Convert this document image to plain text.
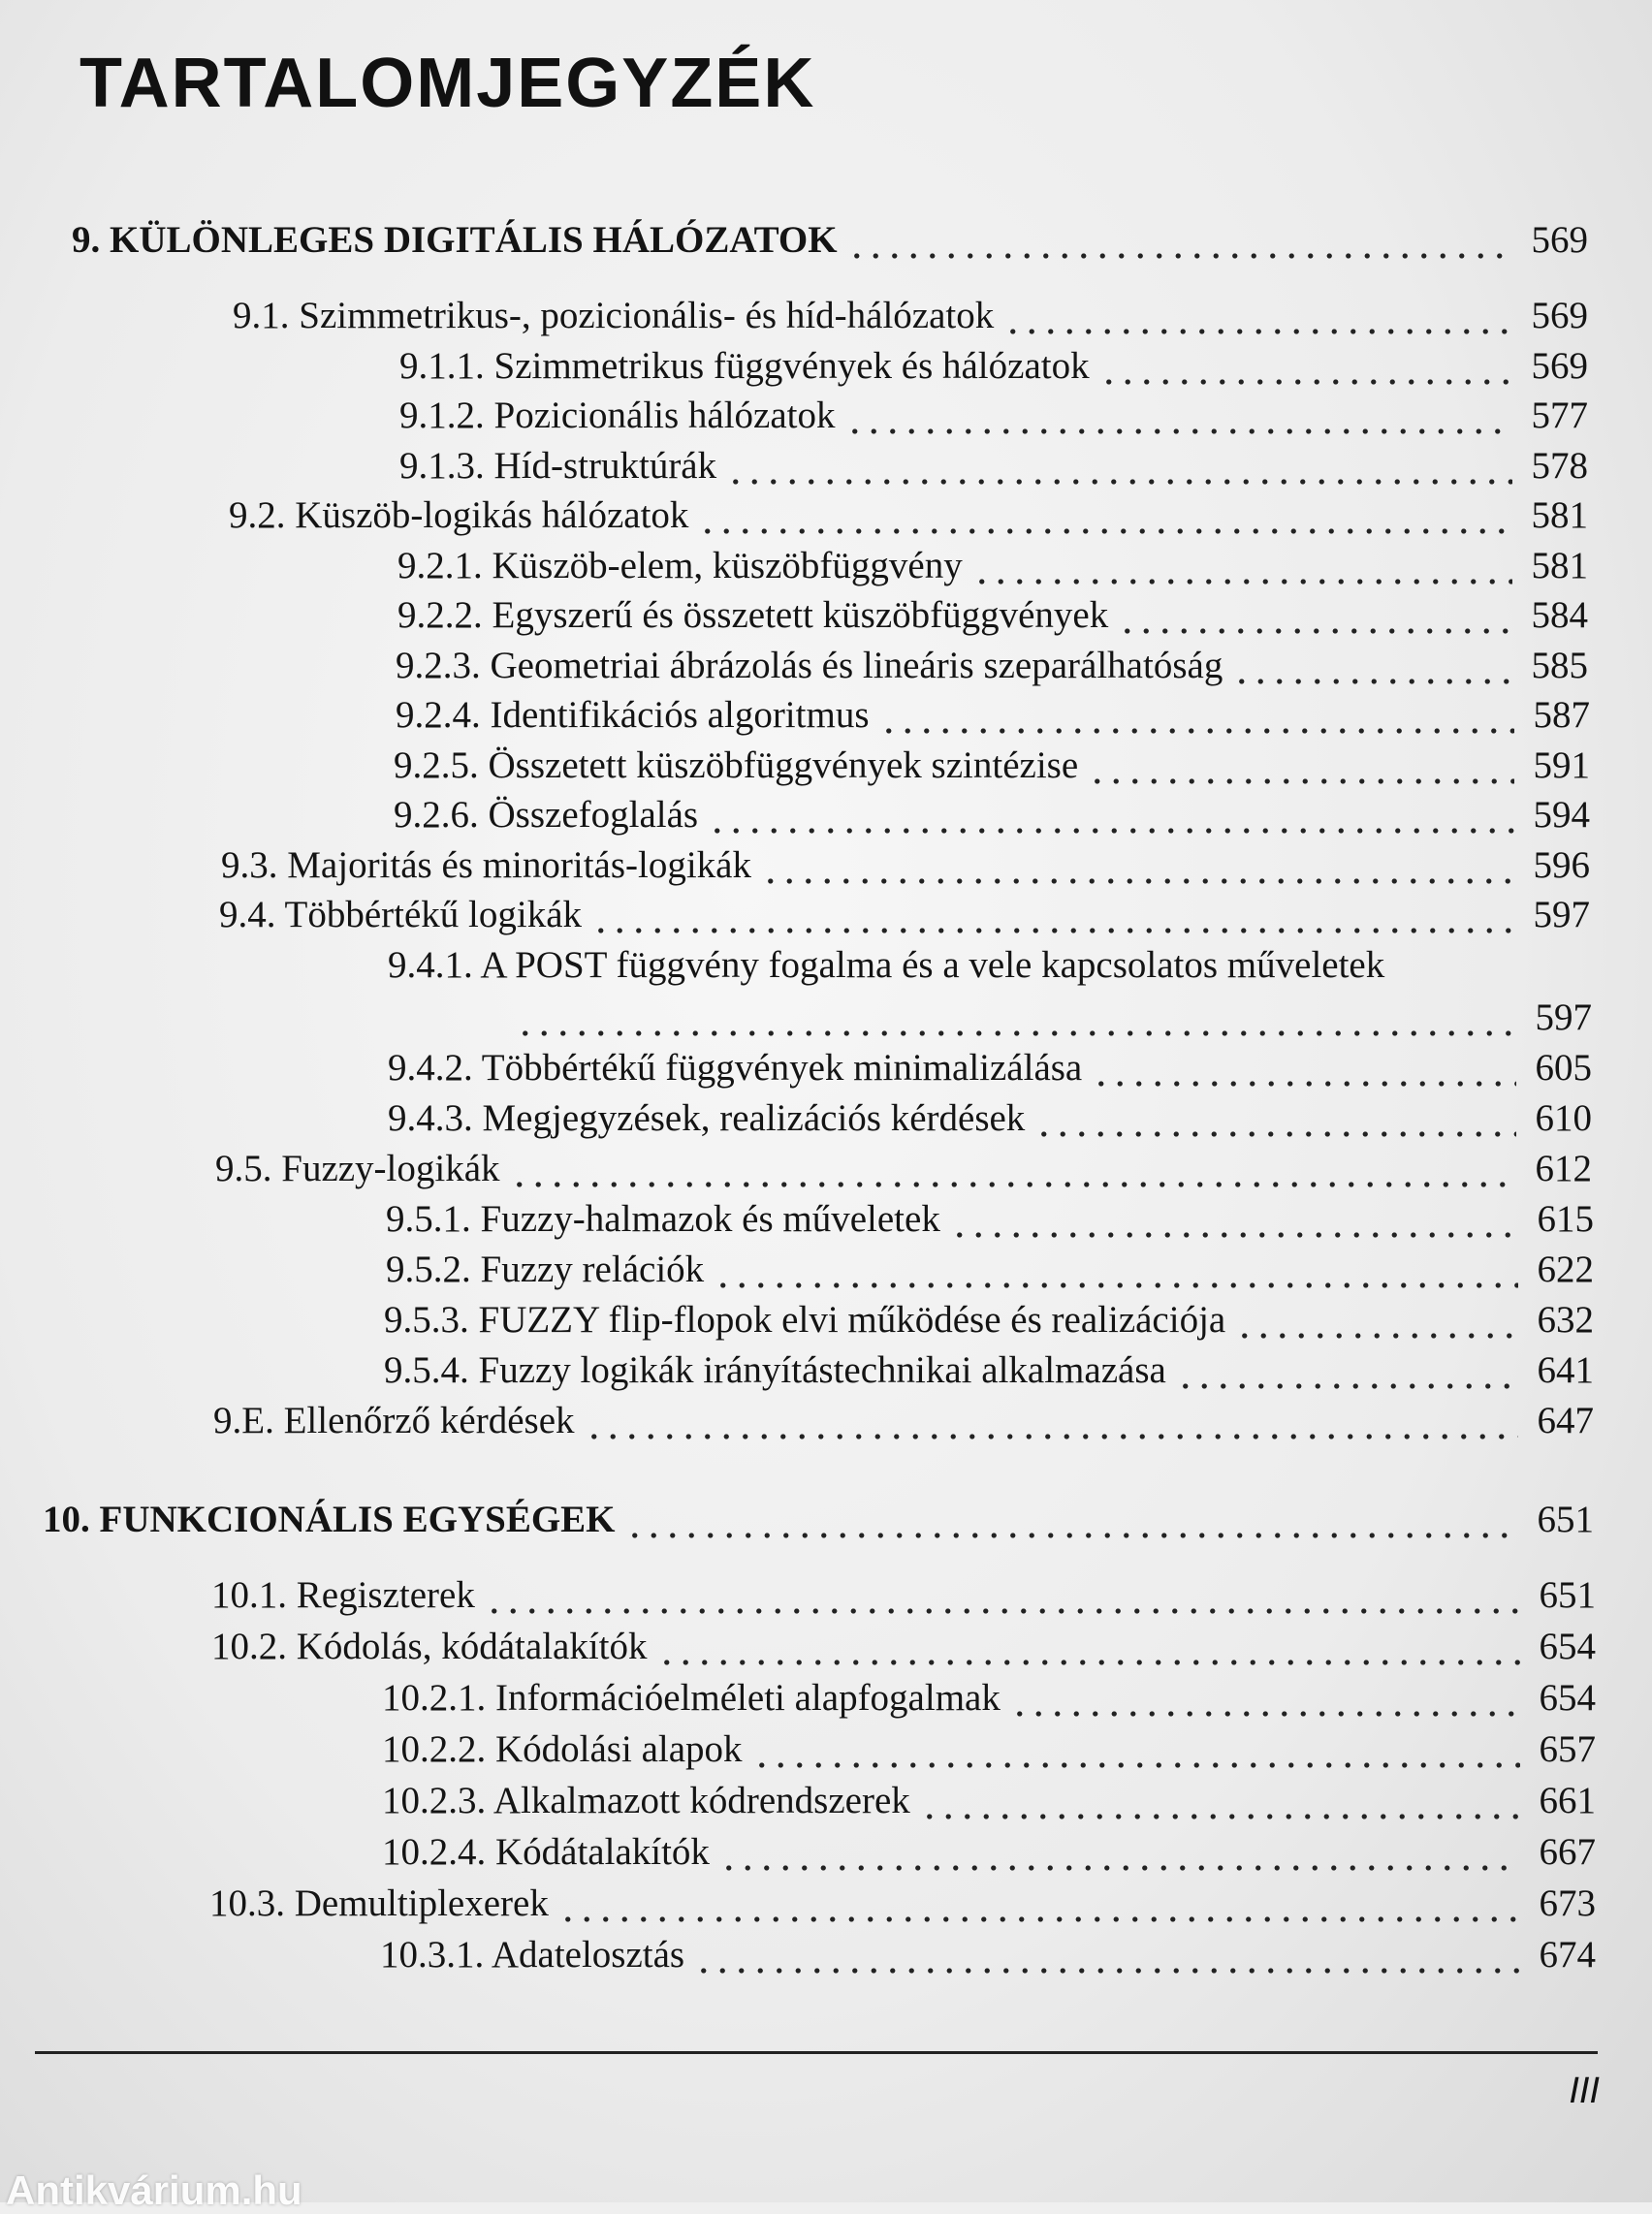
TARTALOMJEGYZÉK
9. KÜLÖNLEGES DIGITÁLIS HÁLÓZATOK	569
9.1. Szimmetrikus-, pozicionális- és híd-hálózatok	569
9.1.1. Szimmetrikus függvények és hálózatok	569
9.1.2. Pozicionális hálózatok	577
9.1.3. Híd-struktúrák	578
9.2. Küszöb-logikás hálózatok	581
9.2.1. Küszöb-elem, küszöbfüggvény	581
9.2.2. Egyszerű és összetett küszöbfüggvények	584
9.2.3. Geometriai ábrázolás és lineáris szeparálhatóság	585
9.2.4. Identifikációs algoritmus	587
9.2.5. Összetett küszöbfüggvények szintézise	591
9.2.6. Összefoglalás	594
9.3. Majoritás és minoritás-logikák	596
9.4. Többértékű logikák	597
9.4.1. A POST függvény fogalma és a vele kapcsolatos műveletek
597
9.4.2. Többértékű függvények minimalizálása	605
9.4.3. Megjegyzések, realizációs kérdések	610
9.5. Fuzzy-logikák	612
9.5.1. Fuzzy-halmazok és műveletek	615
9.5.2. Fuzzy relációk	622
9.5.3. FUZZY flip-flopok elvi működése és realizációja	632
9.5.4. Fuzzy logikák irányítástechnikai alkalmazása	641
9.E. Ellenőrző kérdések	647
10. FUNKCIONÁLIS EGYSÉGEK	651
10.1. Regiszterek	651
10.2. Kódolás, kódátalakítók	654
10.2.1. Információelméleti alapfogalmak	654
10.2.2. Kódolási alapok	657
10.2.3. Alkalmazott kódrendszerek	661
10.2.4. Kódátalakítók	667
10.3. Demultiplexerek	673
10.3.1. Adatelosztás	674
III
Antikvárium.hu
